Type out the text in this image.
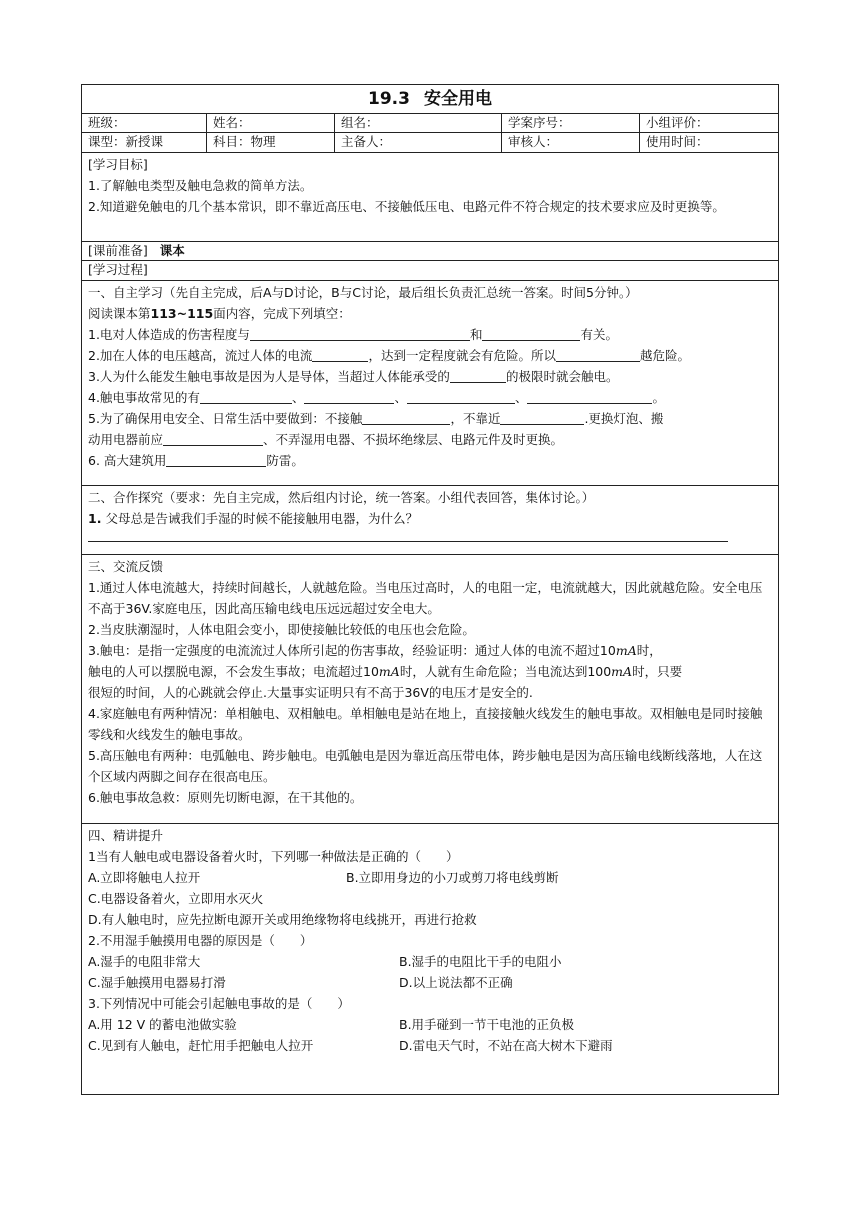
19.3 安全用电
班级：	姓名：	组名：	学案序号：	小组评价：
课型：新授课	科目：物理	主备人：	审核人：	使用时间：

[学习目标]

1.了解触电类型及触电急救的简单方法。

2.知道避免触电的几个基本常识，即不靠近高压电、不接触低压电、电路元件不符合规定的技术要求应及时更换等。

[课前准备] 课本
[学习过程]

一、自主学习（先自主完成，后A与D讨论，B与C讨论，最后组长负责汇总统一答案。时间5分钟。）

阅读课本第113~115面内容，完成下列填空：

1.电对人体造成的伤害程度与	和	有关。

2.加在人体的电压越高，流过人体的电流	，达到一定程度就会有危险。所以	越危险。

3.人为什么能发生触电事故是因为人是导体，当超过人体能承受的	的极限时就会触电。

4.触电事故常见的有	、	、	、	。

5.为了确保用电安全、日常生活中要做到：不接触	，不靠近	.更换灯泡、搬

动用电器前应	、不弄湿用电器、不损坏绝缘层、电路元件及时更换。

6. 高大建筑用	防雷。

二、合作探究（要求：先自主完成，然后组内讨论，统一答案。小组代表回答，集体讨论。）

1. 父母总是告诫我们手湿的时候不能接触用电器，为什么？

三、交流反馈

1.通过人体电流越大，持续时间越长，人就越危险。当电压过高时，人的电阻一定，电流就越大，因此就越危险。安全电压不高于36V.家庭电压，因此高压输电线电压远远超过安全电大。

2.当皮肤潮湿时，人体电阻会变小，即使接触比较低的电压也会危险。

3.触电：是指一定强度的电流流过人体所引起的伤害事故，经验证明：通过人体的电流不超过10mA时，

触电的人可以摆脱电源，不会发生事故；电流超过10mA时，人就有生命危险；当电流达到100mA时，只要

很短的时间，人的心跳就会停止.大量事实证明只有不高于36V的电压才是安全的.

4.家庭触电有两种情况：单相触电、双相触电。单相触电是站在地上，直接接触火线发生的触电事故。双相触电是同时接触零线和火线发生的触电事故。

5.高压触电有两种：电弧触电、跨步触电。电弧触电是因为靠近高压带电体，跨步触电是因为高压输电线断线落地，人在这个区域内两脚之间存在很高电压。

6.触电事故急救：原则先切断电源，在干其他的。

四、精讲提升

1当有人触电或电器设备着火时，下列哪一种做法是正确的（　　）

A.立即将触电人拉开	B.立即用身边的小刀或剪刀将电线剪断

C.电器设备着火，立即用水灭火

D.有人触电时，应先拉断电源开关或用绝缘物将电线挑开，再进行抢救

2.不用湿手触摸用电器的原因是（　　）

A.湿手的电阻非常大	B.湿手的电阻比干手的电阻小

C.湿手触摸用电器易打滑	D.以上说法都不正确

3.下列情况中可能会引起触电事故的是（　　）

A.用 12 V 的蓄电池做实验	B.用手碰到一节干电池的正负极

C.见到有人触电，赶忙用手把触电人拉开	D.雷电天气时，不站在高大树木下避雨
